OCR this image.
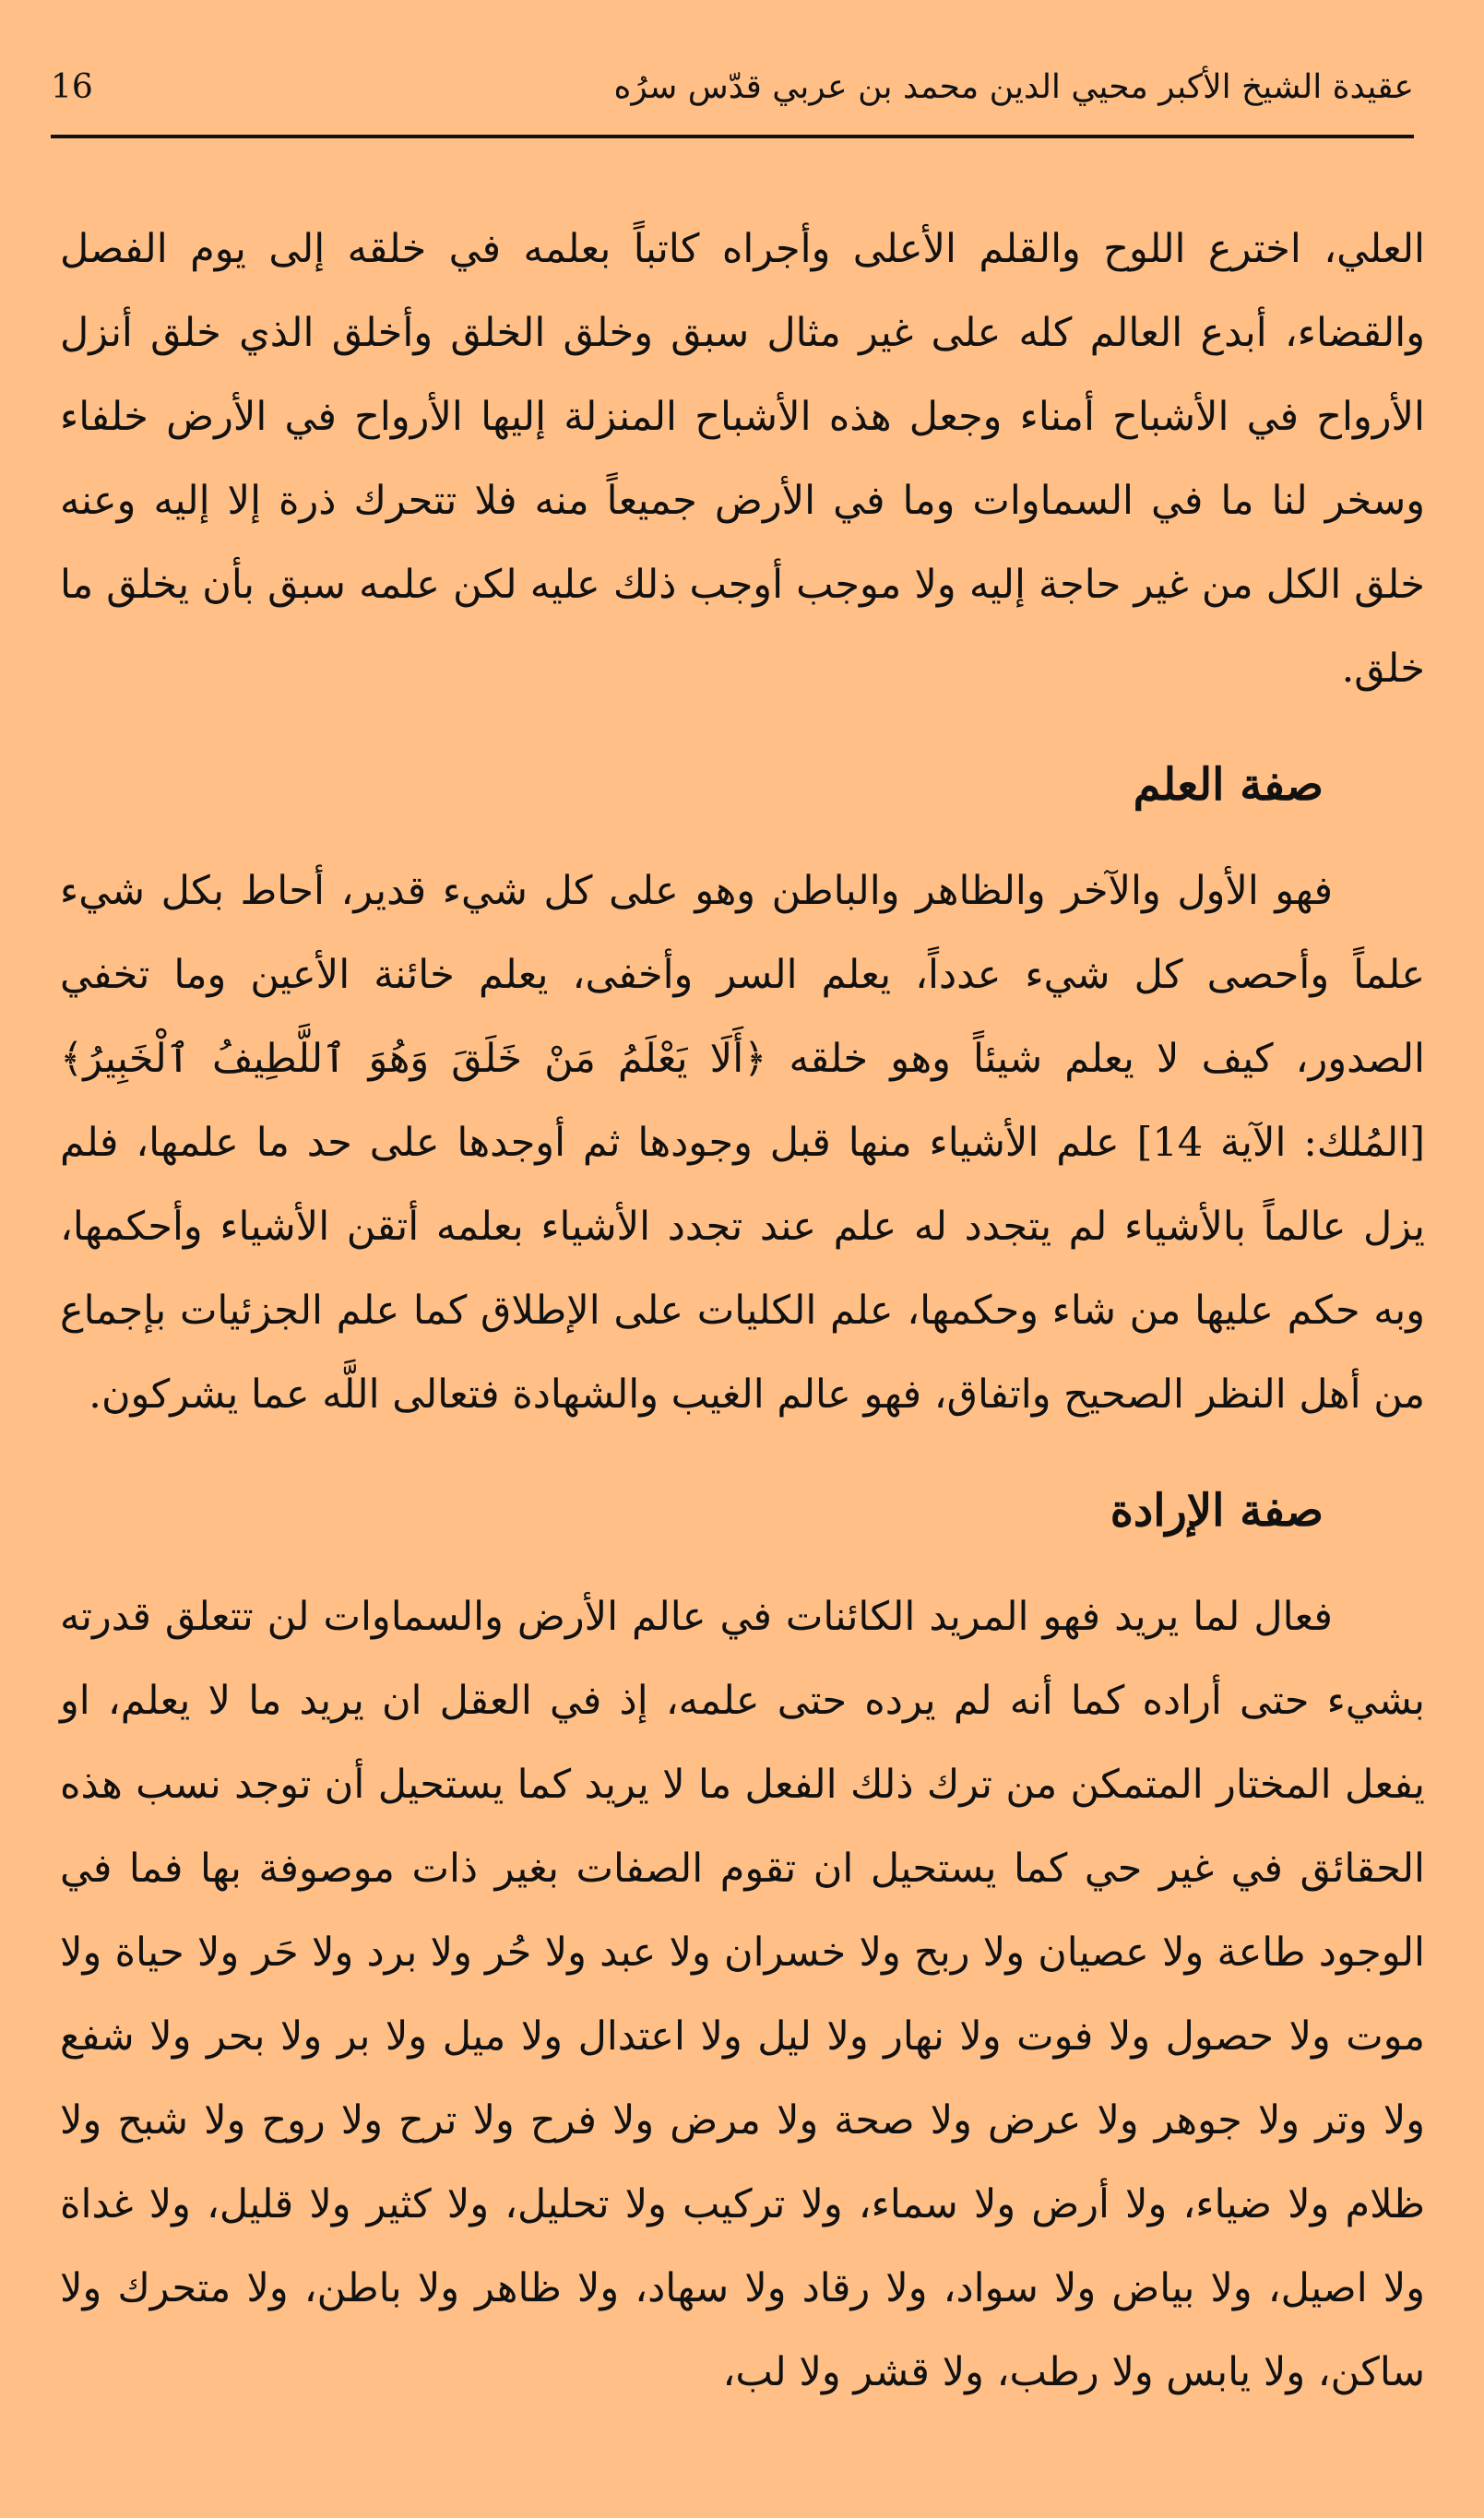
عقيدة الشيخ الأكبر محيي الدين محمد بن عربي قدّس سرُه
16

العلي، اخترع اللوح والقلم الأعلى وأجراه كاتباً بعلمه في خلقه إلى يوم الفصل والقضاء، أبدع العالم كله على غير مثال سبق وخلق الخلق وأخلق الذي خلق أنزل الأرواح في الأشباح أمناء وجعل هذه الأشباح المنزلة إليها الأرواح في الأرض خلفاء وسخر لنا ما في السماوات وما في الأرض جميعاً منه فلا تتحرك ذرة إلا إليه وعنه خلق الكل من غير حاجة إليه ولا موجب أوجب ذلك عليه لكن علمه سبق بأن يخلق ما خلق.

صفة العلم

فهو الأول والآخر والظاهر والباطن وهو على كل شيء قدير، أحاط بكل شيء علماً وأحصى كل شيء عدداً، يعلم السر وأخفى، يعلم خائنة الأعين وما تخفي الصدور، كيف لا يعلم شيئاً وهو خلقه ﴿أَلَا يَعْلَمُ مَنْ خَلَقَ وَهُوَ ٱللَّطِيفُ ٱلْخَبِيرُ﴾ [المُلك: الآية 14] علم الأشياء منها قبل وجودها ثم أوجدها على حد ما علمها، فلم يزل عالماً بالأشياء لم يتجدد له علم عند تجدد الأشياء بعلمه أتقن الأشياء وأحكمها، وبه حكم عليها من شاء وحكمها، علم الكليات على الإطلاق كما علم الجزئيات بإجماع من أهل النظر الصحيح واتفاق، فهو عالم الغيب والشهادة فتعالى اللَّه عما يشركون.

صفة الإرادة

فعال لما يريد فهو المريد الكائنات في عالم الأرض والسماوات لن تتعلق قدرته بشيء حتى أراده كما أنه لم يرده حتى علمه، إذ في العقل ان يريد ما لا يعلم، او يفعل المختار المتمكن من ترك ذلك الفعل ما لا يريد كما يستحيل أن توجد نسب هذه الحقائق في غير حي كما يستحيل ان تقوم الصفات بغير ذات موصوفة بها فما في الوجود طاعة ولا عصيان ولا ربح ولا خسران ولا عبد ولا حُر ولا برد ولا حَر ولا حياة ولا موت ولا حصول ولا فوت ولا نهار ولا ليل ولا اعتدال ولا ميل ولا بر ولا بحر ولا شفع ولا وتر ولا جوهر ولا عرض ولا صحة ولا مرض ولا فرح ولا ترح ولا روح ولا شبح ولا ظلام ولا ضياء، ولا أرض ولا سماء، ولا تركيب ولا تحليل، ولا كثير ولا قليل، ولا غداة ولا اصيل، ولا بياض ولا سواد، ولا رقاد ولا سهاد، ولا ظاهر ولا باطن، ولا متحرك ولا ساكن، ولا يابس ولا رطب، ولا قشر ولا لب،
